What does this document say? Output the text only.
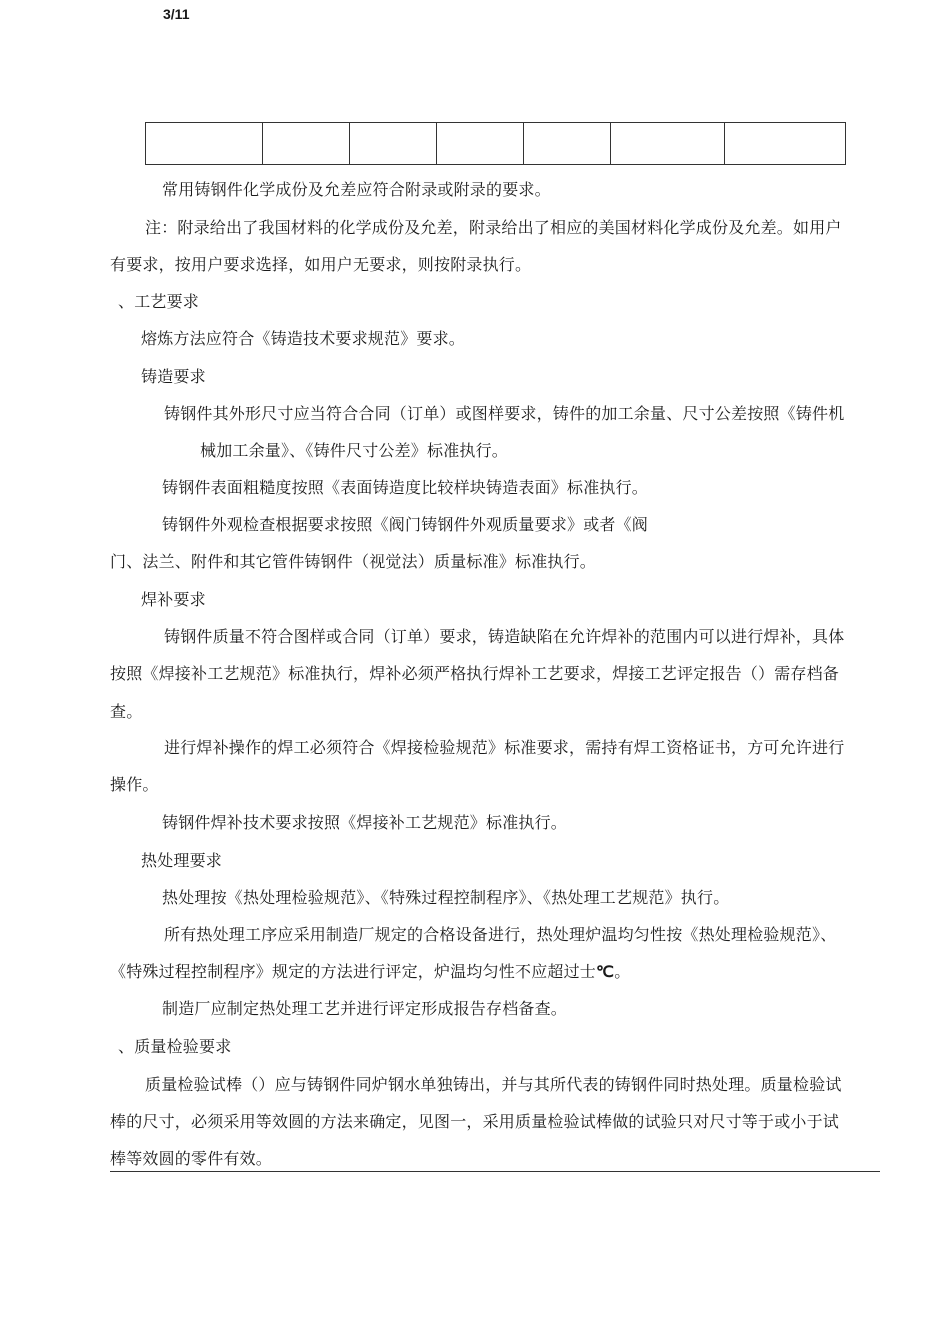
3/11

常用铸钢件化学成份及允差应符合附录或附录的要求。
注：附录给出了我国材料的化学成份及允差，附录给出了相应的美国材料化学成份及允差。如用户
有要求，按用户要求选择，如用户无要求，则按附录执行。
、工艺要求
熔炼方法应符合《铸造技术要求规范》要求。
铸造要求
铸钢件其外形尺寸应当符合合同（订单）或图样要求，铸件的加工余量、尺寸公差按照《铸件机
械加工余量》、《铸件尺寸公差》标准执行。
铸钢件表面粗糙度按照《表面铸造度比较样块铸造表面》标准执行。
铸钢件外观检查根据要求按照《阀门铸钢件外观质量要求》或者《阀
门、法兰、附件和其它管件铸钢件（视觉法）质量标准》标准执行。
焊补要求
铸钢件质量不符合图样或合同（订单）要求，铸造缺陷在允许焊补的范围内可以进行焊补，具体
按照《焊接补工艺规范》标准执行，焊补必须严格执行焊补工艺要求，焊接工艺评定报告（）需存档备
查。
进行焊补操作的焊工必须符合《焊接检验规范》标准要求，需持有焊工资格证书，方可允许进行
操作。
铸钢件焊补技术要求按照《焊接补工艺规范》标准执行。
热处理要求
热处理按《热处理检验规范》、《特殊过程控制程序》、《热处理工艺规范》执行。
所有热处理工序应采用制造厂规定的合格设备进行，热处理炉温均匀性按《热处理检验规范》、
《特殊过程控制程序》规定的方法进行评定，炉温均匀性不应超过士℃。
制造厂应制定热处理工艺并进行评定形成报告存档备查。
、质量检验要求
质量检验试棒（）应与铸钢件同炉钢水单独铸出，并与其所代表的铸钢件同时热处理。质量检验试
棒的尺寸，必须采用等效圆的方法来确定，见图一，采用质量检验试棒做的试验只对尺寸等于或小于试
棒等效圆的零件有效。
